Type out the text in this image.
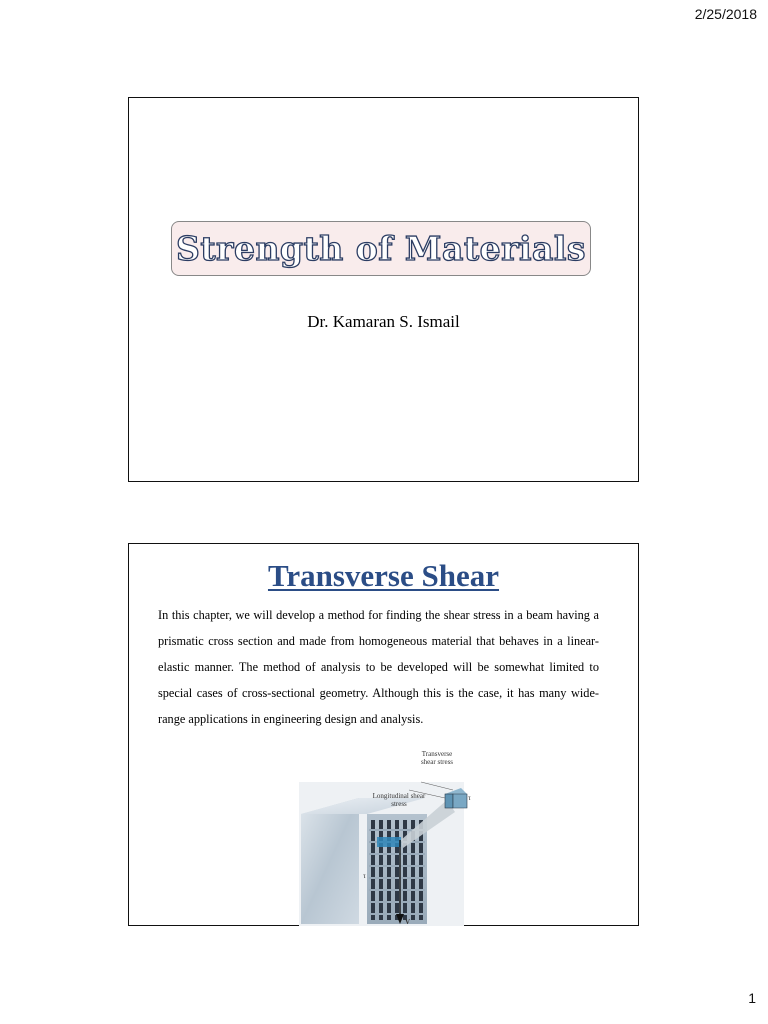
2/25/2018
Strength of Materials
Dr. Kamaran S. Ismail
Transverse Shear
In this chapter, we will develop a method for finding the shear stress in a beam having a prismatic cross section and made from homogeneous material that behaves in a linear-elastic manner. The method of analysis to be developed will be somewhat limited to special cases of cross-sectional geometry. Although this is the case, it has many wide-range applications in engineering design and analysis.
Transverse shear stress
Longitudinal shear stress
τ
τ
V
1
